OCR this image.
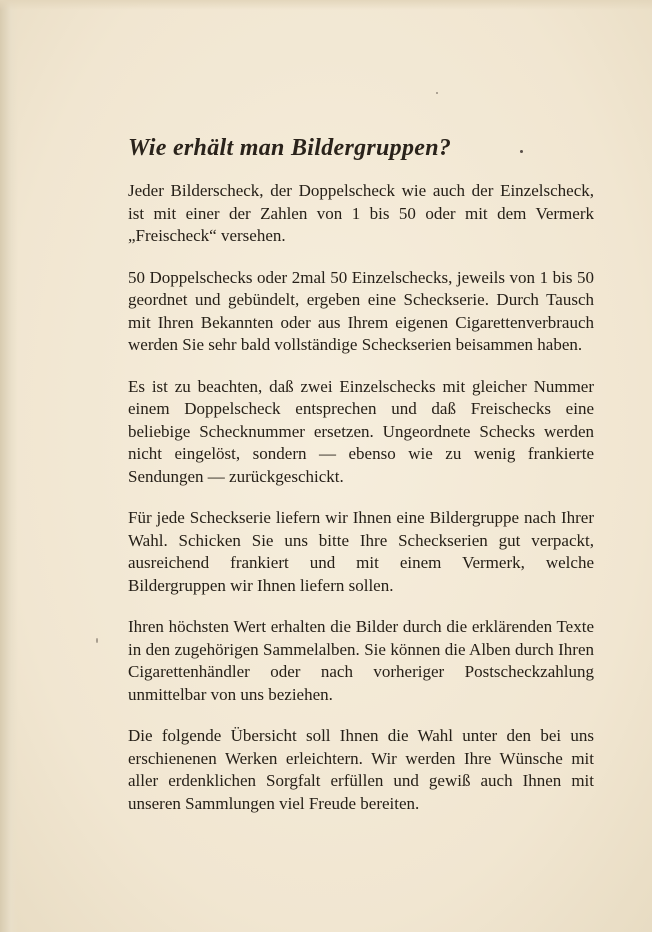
Wie erhält man Bildergruppen?

Jeder Bilderscheck, der Doppelscheck wie auch der Einzelscheck, ist mit einer der Zahlen von 1 bis 50 oder mit dem Vermerk „Freischeck“ versehen.

50 Doppelschecks oder 2mal 50 Einzelschecks, jeweils von 1 bis 50 geordnet und gebündelt, ergeben eine Scheckserie. Durch Tausch mit Ihren Bekannten oder aus Ihrem eigenen Cigarettenverbrauch werden Sie sehr bald vollständige Scheckserien beisammen haben.

Es ist zu beachten, daß zwei Einzelschecks mit gleicher Nummer einem Doppelscheck entsprechen und daß Freischecks eine beliebige Schecknummer ersetzen. Ungeordnete Schecks werden nicht eingelöst, sondern — ebenso wie zu wenig frankierte Sendungen — zurückgeschickt.

Für jede Scheckserie liefern wir Ihnen eine Bildergruppe nach Ihrer Wahl. Schicken Sie uns bitte Ihre Scheckserien gut verpackt, ausreichend frankiert und mit einem Vermerk, welche Bildergruppen wir Ihnen liefern sollen.

Ihren höchsten Wert erhalten die Bilder durch die erklärenden Texte in den zugehörigen Sammelalben. Sie können die Alben durch Ihren Cigarettenhändler oder nach vorheriger Postscheckzahlung unmittelbar von uns beziehen.

Die folgende Übersicht soll Ihnen die Wahl unter den bei uns erschienenen Werken erleichtern. Wir werden Ihre Wünsche mit aller erdenklichen Sorgfalt erfüllen und gewiß auch Ihnen mit unseren Sammlungen viel Freude bereiten.
